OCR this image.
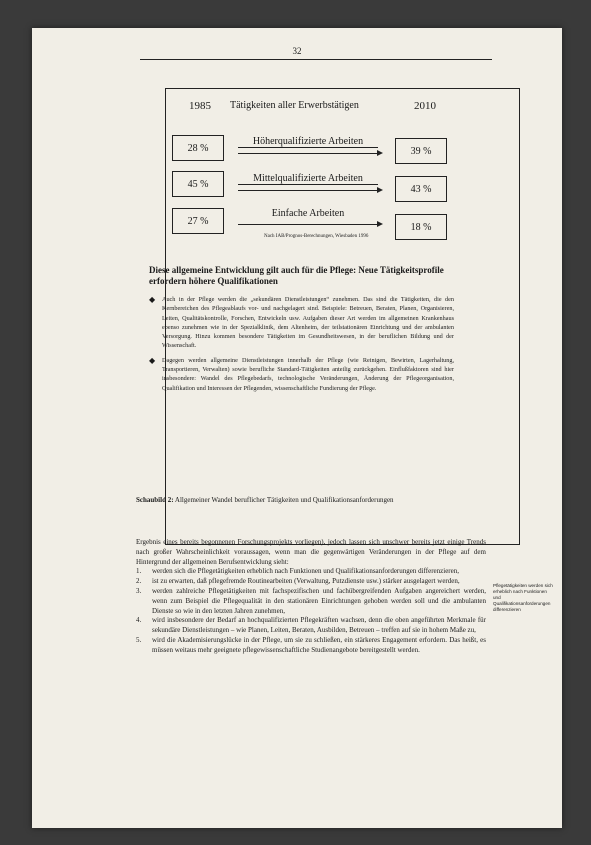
32
1985 Tätigkeiten aller Erwerbstätigen	2010
28 %
45 %
27 %
Höherqualifizierte Arbeiten
Mittelqualifizierte Arbeiten
Einfache Arbeiten
39 %
43 %
18 %
Nach IAB/Prognos-Berechnungen, Wiesbaden 1996
Diese allgemeine Entwicklung gilt auch für die Pflege: Neue Tätigkeitsprofile erfordern höhere Qualifikationen
◆ Auch in der Pflege werden die „sekundären Dienstleistungen“ zunehmen. Das sind die Tätigkeiten, die den Kernbereichen des Pflegeablaufs vor- und nachgelagert sind. Beispiele: Betreuen, Beraten, Planen, Organisieren, Leiten, Qualitätskontrolle, Forschen, Entwickeln usw. Aufgaben dieser Art werden im allgemeinen Krankenhaus ebenso zunehmen wie in der Spezialklinik, dem Altenheim, der teilstationären Einrichtung und der ambulanten Versorgung. Hinzu kommen besondere Tätigkeiten im Gesundheitswesen, in der beruflichen Bildung und der Wissenschaft.
◆ Dagegen werden allgemeine Dienstleistungen innerhalb der Pflege (wie Reinigen, Bewirten, Lagerhaltung, Transportieren, Verwalten) sowie berufliche Standard-Tätigkeiten anteilig zurückgehen. Einflußfaktoren sind hier insbesondere: Wandel des Pflegebedarfs, technologische Veränderungen, Änderung der Pflegeorganisation, Qualifikation und Interessen der Pflegenden, wissenschaftliche Fundierung der Pflege.
Schaubild 2: Allgemeiner Wandel beruflicher Tätigkeiten und Qualifikationsanforderungen

Ergebnis eines bereits begonnenen Forschungsprojekts vorliegen), jedoch lassen sich unschwer bereits jetzt einige Trends nach großer Wahrscheinlichkeit voraussagen, wenn man die gegenwärtigen Veränderungen in der Pflege auf dem Hintergrund der allgemeinen Berufsentwicklung sieht:

1. werden sich die Pflegetätigkeiten erheblich nach Funktionen und Qualifikationsanforderungen differenzieren,
2. ist zu erwarten, daß pflegefremde Routinearbeiten (Verwaltung, Putzdienste usw.) stärker ausgelagert werden,
3. werden zahlreiche Pflegetätigkeiten mit fachspezifischen und fachübergreifenden Aufgaben angereichert werden, wenn zum Beispiel die Pflegequalität in den stationären Einrichtungen gehoben werden soll und die ambulanten Dienste so wie in den letzten Jahren zunehmen,
4. wird insbesondere der Bedarf an hochqualifizierten Pflegekräften wachsen, denn die oben angeführten Merkmale für sekundäre Dienstleistungen – wie Planen, Leiten, Beraten, Ausbilden, Betreuen – treffen auf sie in hohem Maße zu,
5. wird die Akademisierungslücke in der Pflege, um sie zu schließen, ein stärkeres Engagement erfordern. Das heißt, es müssen weitaus mehr geeignete pflegewissenschaftliche Studienangebote bereitgestellt werden.
Pflegetätigkeiten werden sich erheblich nach Funktionen und Qualifikationsanforderungen differenzieren
